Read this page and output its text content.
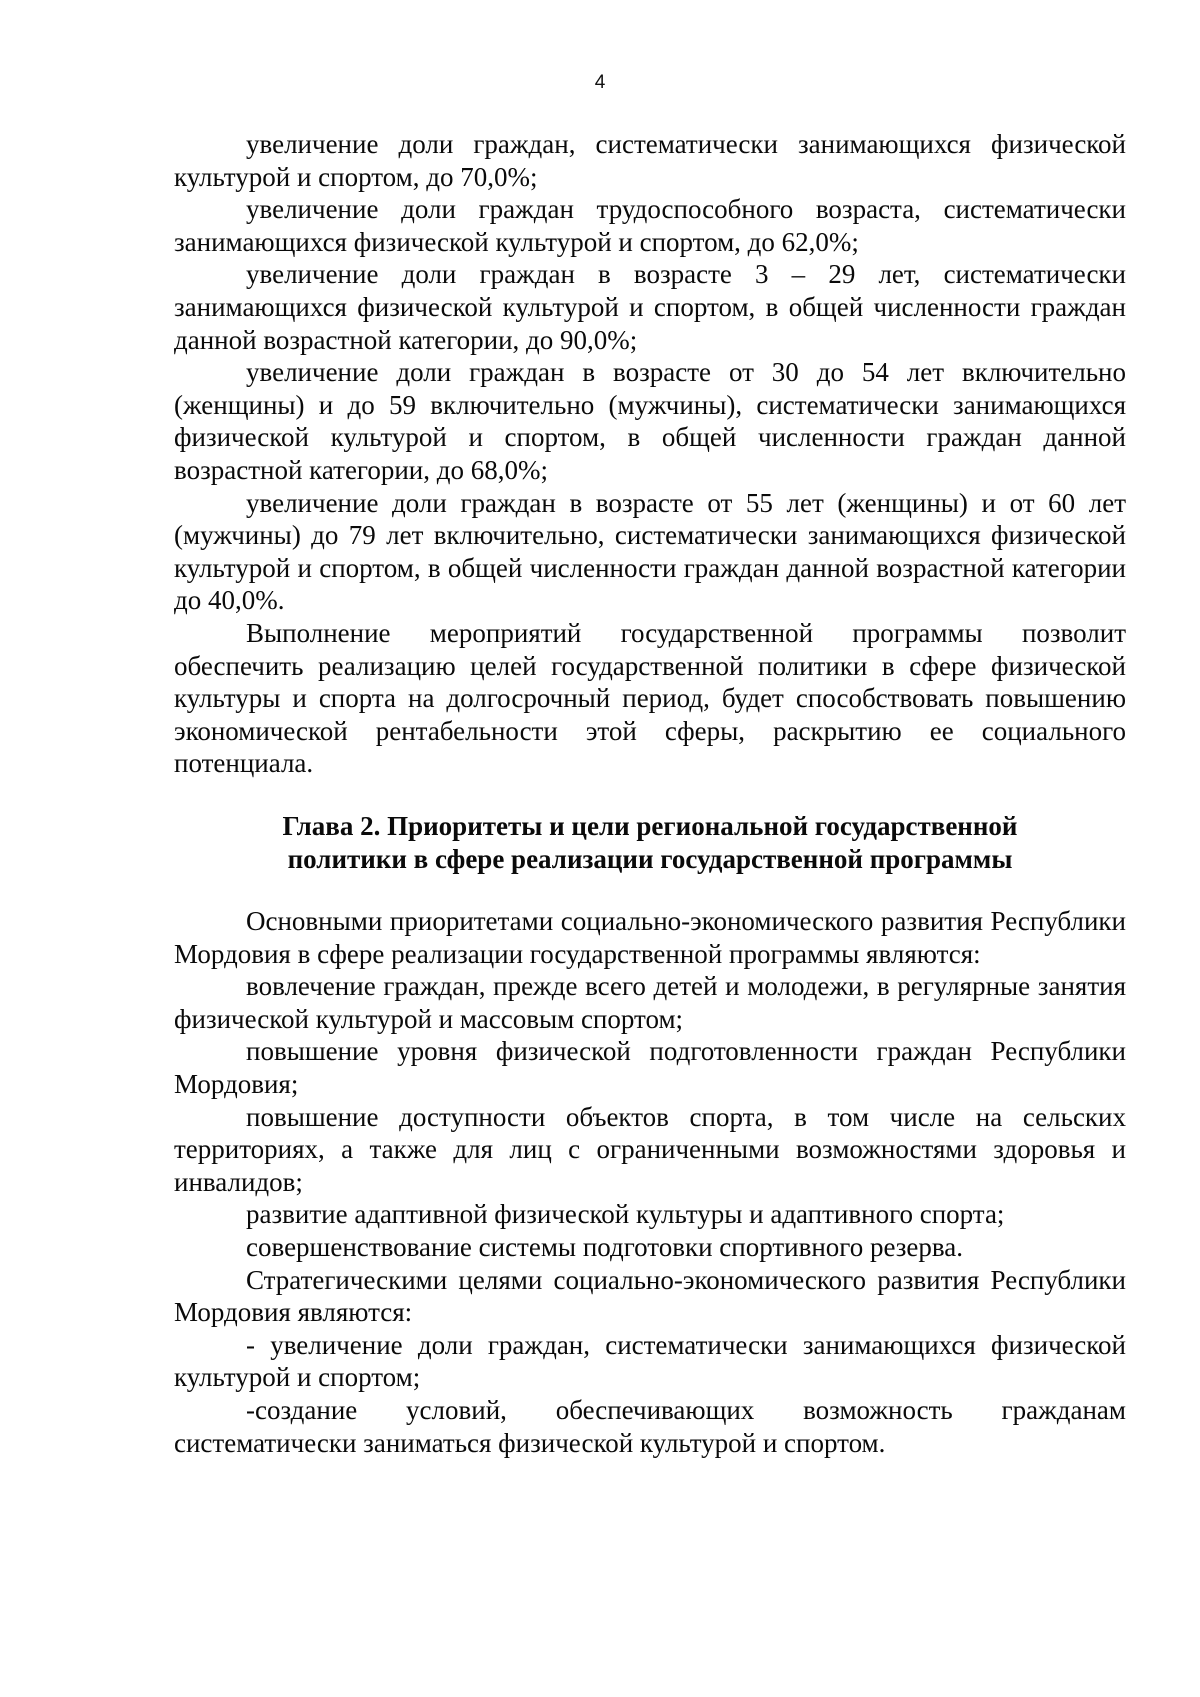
4

увеличение доли граждан, систематически занимающихся физической культурой и спортом, до 70,0%;

увеличение доли граждан трудоспособного возраста, систематически занимающихся физической культурой и спортом, до 62,0%;

увеличение доли граждан в возрасте 3 – 29 лет, систематически занимающихся физической культурой и спортом, в общей численности граждан данной возрастной категории, до 90,0%;

увеличение доли граждан в возрасте от 30 до 54 лет включительно (женщины) и до 59 включительно (мужчины), систематически занимающихся физической культурой и спортом, в общей численности граждан данной возрастной категории, до 68,0%;

увеличение доли граждан в возрасте от 55 лет (женщины) и от 60 лет (мужчины) до 79 лет включительно, систематически занимающихся физической культурой и спортом, в общей численности граждан данной возрастной категории до 40,0%.

Выполнение мероприятий государственной программы позволит обеспечить реализацию целей государственной политики в сфере физической культуры и спорта на долгосрочный период, будет способствовать повышению экономической рентабельности этой сферы, раскрытию ее социального потенциала.

Глава 2. Приоритеты и цели региональной государственной
политики в сфере реализации государственной программы

Основными приоритетами социально-экономического развития Республики Мордовия в сфере реализации государственной программы являются:

вовлечение граждан, прежде всего детей и молодежи, в регулярные занятия физической культурой и массовым спортом;

повышение уровня физической подготовленности граждан Республики Мордовия;

повышение доступности объектов спорта, в том числе на сельских территориях, а также для лиц с ограниченными возможностями здоровья и инвалидов;

развитие адаптивной физической культуры и адаптивного спорта;

совершенствование системы подготовки спортивного резерва.

Стратегическими целями социально-экономического развития Республики Мордовия являются:

- увеличение доли граждан, систематически занимающихся физической культурой и спортом;

-создание условий, обеспечивающих возможность гражданам систематически заниматься физической культурой и спортом.
